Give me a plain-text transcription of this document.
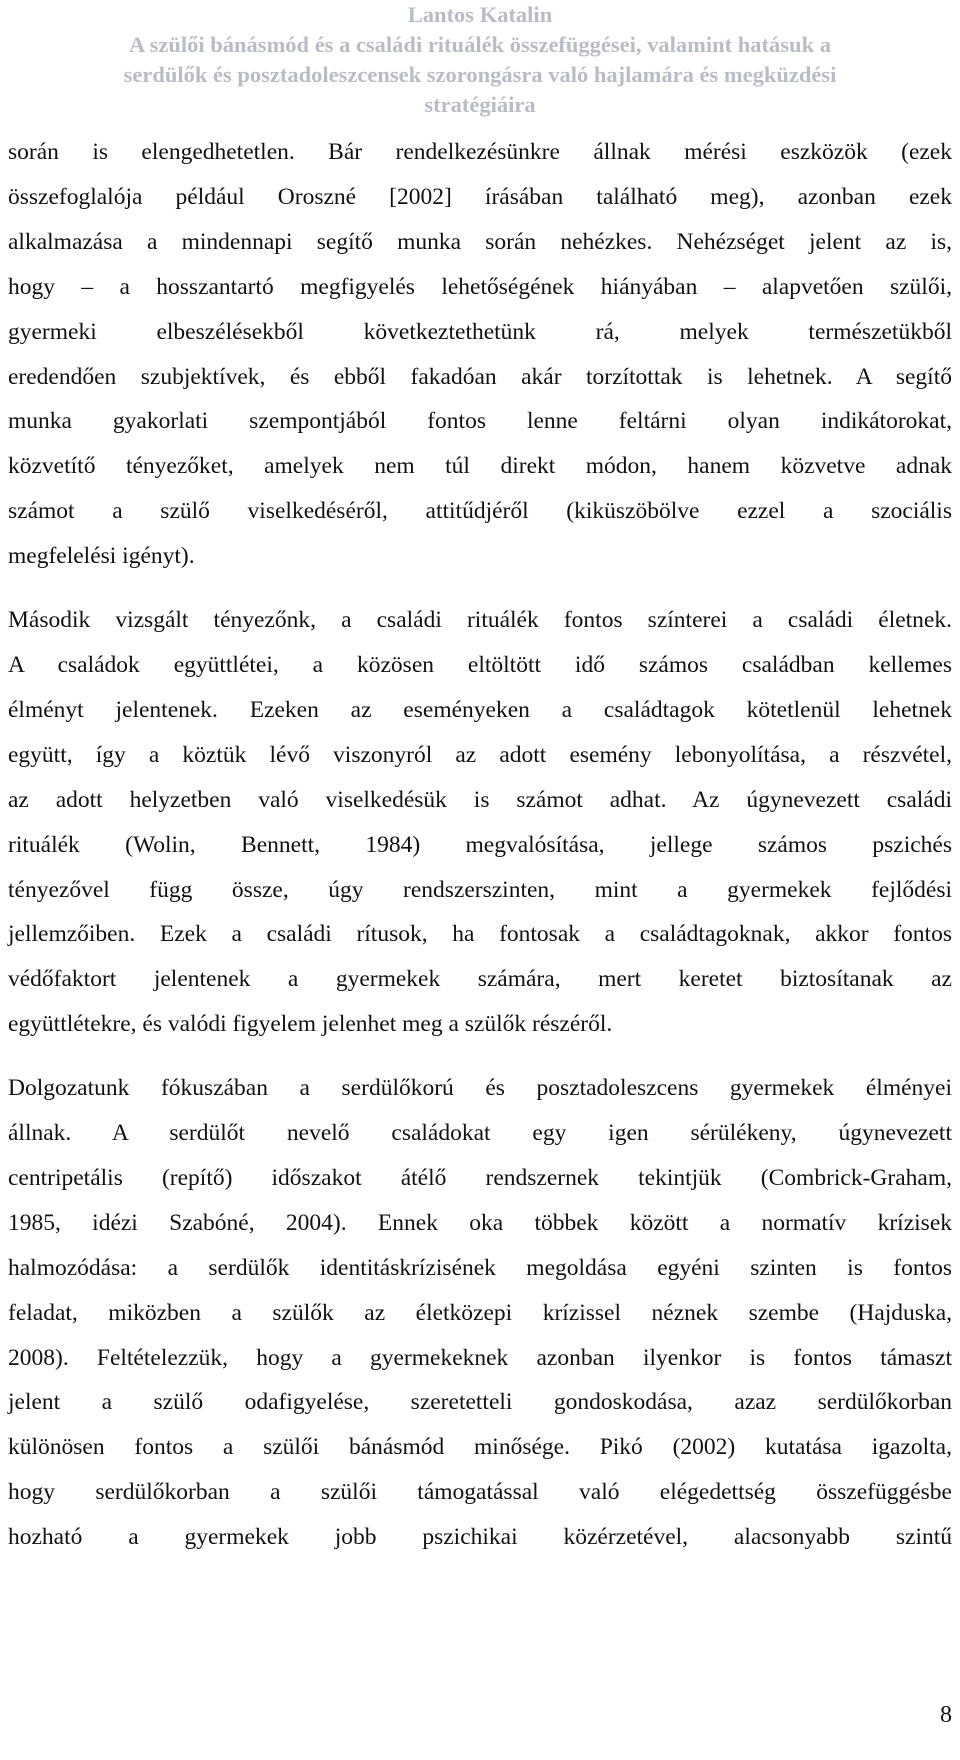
Lantos Katalin
A szülői bánásmód és a családi rituálék összefüggései, valamint hatásuk a
serdülők és posztadoleszcensek szorongásra való hajlamára és megküzdési
stratégiáira

során is elengedhetetlen. Bár rendelkezésünkre állnak mérési eszközök (ezek
összefoglalója például Oroszné [2002] írásában található meg), azonban ezek
alkalmazása a mindennapi segítő munka során nehézkes. Nehézséget jelent az is,
hogy – a hosszantartó megfigyelés lehetőségének hiányában – alapvetően szülői,
gyermeki elbeszélésekből következtethetünk rá, melyek természetükből
eredendően szubjektívek, és ebből fakadóan akár torzítottak is lehetnek. A segítő
munka gyakorlati szempontjából fontos lenne feltárni olyan indikátorokat,
közvetítő tényezőket, amelyek nem túl direkt módon, hanem közvetve adnak
számot a szülő viselkedéséről, attitűdjéről (kiküszöbölve ezzel a szociális
megfelelési igényt).

Második vizsgált tényezőnk, a családi rituálék fontos színterei a családi életnek.
A családok együttlétei, a közösen eltöltött idő számos családban kellemes
élményt jelentenek. Ezeken az eseményeken a családtagok kötetlenül lehetnek
együtt, így a köztük lévő viszonyról az adott esemény lebonyolítása, a részvétel,
az adott helyzetben való viselkedésük is számot adhat. Az úgynevezett családi
rituálék (Wolin, Bennett, 1984) megvalósítása, jellege számos pszichés
tényezővel függ össze, úgy rendszerszinten, mint a gyermekek fejlődési
jellemzőiben. Ezek a családi rítusok, ha fontosak a családtagoknak, akkor fontos
védőfaktort jelentenek a gyermekek számára, mert keretet biztosítanak az
együttlétekre, és valódi figyelem jelenhet meg a szülők részéről.

Dolgozatunk fókuszában a serdülőkorú és posztadoleszcens gyermekek élményei
állnak. A serdülőt nevelő családokat egy igen sérülékeny, úgynevezett
centripetális (repítő) időszakot átélő rendszernek tekintjük (Combrick-Graham,
1985, idézi Szabóné, 2004). Ennek oka többek között a normatív krízisek
halmozódása: a serdülők identitáskrízisének megoldása egyéni szinten is fontos
feladat, miközben a szülők az életközepi krízissel néznek szembe (Hajduska,
2008). Feltételezzük, hogy a gyermekeknek azonban ilyenkor is fontos támaszt
jelent a szülő odafigyelése, szeretetteli gondoskodása, azaz serdülőkorban
különösen fontos a szülői bánásmód minősége. Pikó (2002) kutatása igazolta,
hogy serdülőkorban a szülői támogatással való elégedettség összefüggésbe
hozható a gyermekek jobb pszichikai közérzetével, alacsonyabb szintű

8
